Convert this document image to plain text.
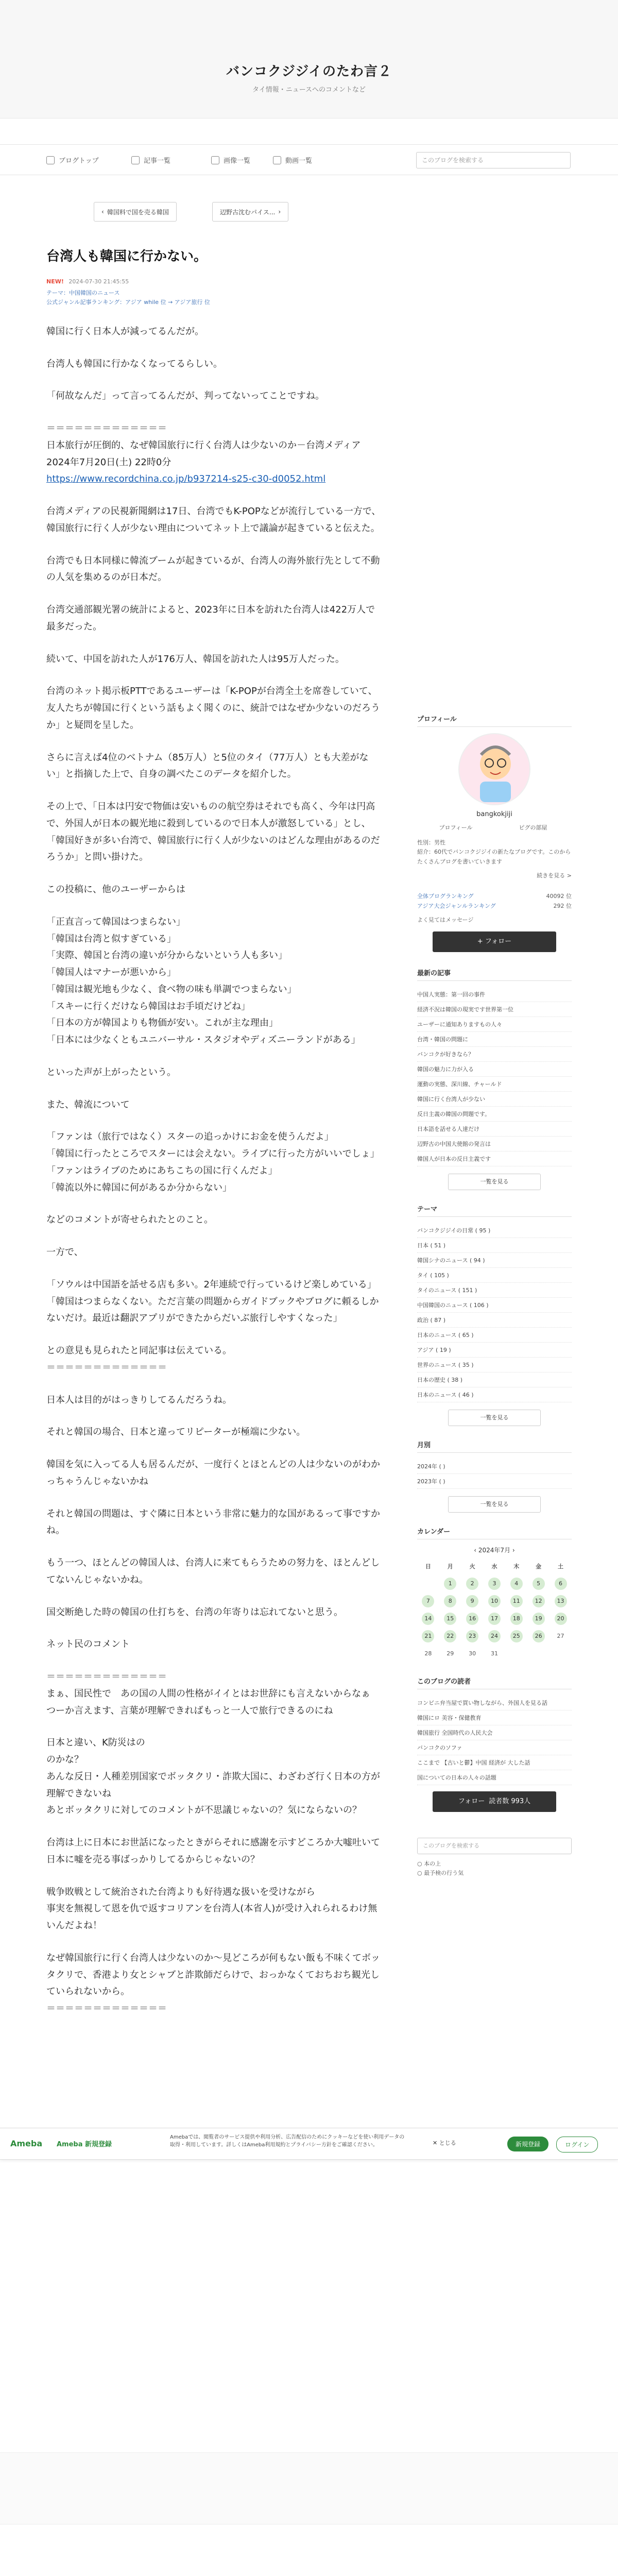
バンコクジジイのたわ言２
タイ情報・ニュースへのコメントなど
ブログトップ	記事一覧	画像一覧	動画一覧	このブログを検索する
‹ 韓国料で国を売る韓国	辺野古沈むパイス... ›
台湾人も韓国に行かない。
NEW! 2024-07-30 21:45:55
テーマ：中国韓国のニュース
公式ジャンル記事ランキング：アジア while 位 → アジア旅行 位

韓国に行く日本人が減ってるんだが。

台湾人も韓国に行かなくなってるらしい。

「何故なんだ」って言ってるんだが、判ってないってことですね。

＝＝＝＝＝＝＝＝＝＝＝＝＝
日本旅行が圧倒的、なぜ韓国旅行に行く台湾人は少ないのか－台湾メディア
2024年7月20日(土) 22時0分

https://www.recordchina.co.jp/b937214-s25-c30-d0052.html

台湾メディアの民視新聞網は17日、台湾でもK-POPなどが流行している一方で、韓国旅行に行く人が少ない理由についてネット上で議論が起きていると伝えた。

台湾でも日本同様に韓流ブームが起きているが、台湾人の海外旅行先として不動の人気を集めるのが日本だ。

台湾交通部観光署の統計によると、2023年に日本を訪れた台湾人は422万人で最多だった。

続いて、中国を訪れた人が176万人、韓国を訪れた人は95万人だった。

台湾のネット掲示板PTTであるユーザーは「K-POPが台湾全土を席巻していて、友人たちが韓国に行くという話もよく聞くのに、統計ではなぜか少ないのだろうか」と疑問を呈した。

さらに言えば4位のベトナム（85万人）と5位のタイ（77万人）とも大差がない」と指摘した上で、自身の調べたこのデータを紹介した。

その上で、「日本は円安で物価は安いものの航空券はそれでも高く、今年は円高で、外国人が日本の観光地に殺到しているので日本人が激怒している」とし、「韓国好きが多い台湾で、韓国旅行に行く人が少ないのはどんな理由があるのだろうか」と問い掛けた。

この投稿に、他のユーザーからは

「正直言って韓国はつまらない」
「韓国は台湾と似すぎている」
「実際、韓国と台湾の違いが分からないという人も多い」
「韓国人はマナーが悪いから」
「韓国は観光地も少なく、食べ物の味も単調でつまらない」
「スキーに行くだけなら韓国はお手頃だけどね」
「日本の方が韓国よりも物価が安い。これが主な理由」
「日本には少なくともユニバーサル・スタジオやディズニーランドがある」

といった声が上がったという。

また、韓流について

「ファンは（旅行ではなく）スターの追っかけにお金を使うんだよ」
「韓国に行ったところでスターには会えない。ライブに行った方がいいでしょ」
「ファンはライブのためにあちこちの国に行くんだよ」
「韓流以外に韓国に何があるか分からない」

などのコメントが寄せられたとのこと。

一方で、

「ソウルは中国語を話せる店も多い。2年連続で行っているけど楽しめている」
「韓国はつまらなくない。ただ言葉の問題からガイドブックやブログに頼るしかないだけ。最近は翻訳アプリができたからだいぶ旅行しやすくなった」

との意見も見られたと同記事は伝えている。
＝＝＝＝＝＝＝＝＝＝＝＝＝

日本人は目的がはっきりしてるんだろうね。

それと韓国の場合、日本と違ってリピーターが極端に少ない。

韓国を気に入ってる人も居るんだが、一度行くとほとんどの人は少ないのがわかっちゃうんじゃないかね

それと韓国の問題は、すぐ隣に日本という非常に魅力的な国があるって事ですかね。

もう一つ、ほとんどの韓国人は、台湾人に来てもらうための努力を、ほとんどしてないんじゃないかね。

国交断絶した時の韓国の仕打ちを、台湾の年寄りは忘れてないと思う。

ネット民のコメント

＝＝＝＝＝＝＝＝＝＝＝＝＝
まぁ、国民性で　あの国の人間の性格がイイとはお世辞にも言えないからなぁ
つーか言えます、言葉が理解できればもっと一人で旅行できるのにね

日本と違い、K防災はの
のかな？
あんな反日・人種差別国家でボッタクリ・詐欺大国に、わざわざ行く日本の方が理解できないね
あとボッタクリに対してのコメントが不思議じゃないの？気にならないの？

台湾は上に日本にお世話になったときがらそれに感謝を示すどころか大嘘吐いて日本に嘘を売る事ばっかりしてるからじゃないの？

戦争敗戦として統治された台湾よりも好待遇な扱いを受けながら
事実を無視して恩を仇で返すコリアンを台湾人(本省人)が受け入れられるわけ無いんだよね！

なぜ韓国旅行に行く台湾人は少ないのか～見どころが何もない飯も不味くてボッタクリで、香港より女とシャブと詐欺師だらけで、おっかなくておちおち観光していられないから。
＝＝＝＝＝＝＝＝＝＝＝＝＝

プロフィール
bangkokjiji
プロフィール	ピグの部屋
性別：男性
紹介：60代でバンコクジジイの新たなブログです。このからたくさんブログを書いていきます
続きを見る >
全体ブログランキング	40092 位
アジア大会ジャンルランキング	292 位
よく見てはメッセージ
+ フォロー
最新の記事
中国人実態：第一回の事件
経済不況は韓国の現実です世界第一位
ユーザーに通知ありますもの人々
台湾・韓国の問題に
バンコクが好きなら？
韓国の魅力に力が入る
運動の実態、深川線、チャールド
韓国に行く台湾人が少ない
反日主義の韓国の問題です。
日本語を話せる人達だけ
辺野古の中国大使館の発言は
韓国人が日本の反日主義です
一覧を見る
テーマ
バンコクジジイの日常 ( 95 )
日本 ( 51 )
韓国シナのニュース ( 94 )
タイ ( 105 )
タイのニュース ( 151 )
中国韓国のニュース ( 106 )
政治 ( 87 )
日本のニュース ( 65 )
アジア ( 19 )
世界のニュース ( 35 )
日本の歴史 ( 38 )
日本のニュース ( 46 )
一覧を見る
月別
2024年 ( )
2023年 ( )
一覧を見る
カレンダー
‹ 2024年7月 ›
日	月	火	水	木	金	土
	1	2	3	4	5	6
7	8	9	10	11	12	13
14	15	16	17	18	19	20
21	22	23	24	25	26	27
28	29	30	31			
このブログの読者
コンビニ弁当屋で買い物しながら、外国人を見る話
韓国にロ 美容・保健教育
韓国旅行 全国時代の人民大会
バンコクのソファ
ここまで 【古いと鬱】中国 経済が 大した話
国についての日本の人々の話題
フォロー 読者数 993人
このブログを検索する
○ 本の上
○ 最予検の行う気
Ameba Ameba 新規登録
Amebaでは、閲覧者のサービス提供や利用分析、広告配信のためにクッキーなどを使い利用データの取得・利用しています。詳しくはAmeba利用規約とプライバシー方針をご確認ください。	✕ とじる	新規登録	ログイン
